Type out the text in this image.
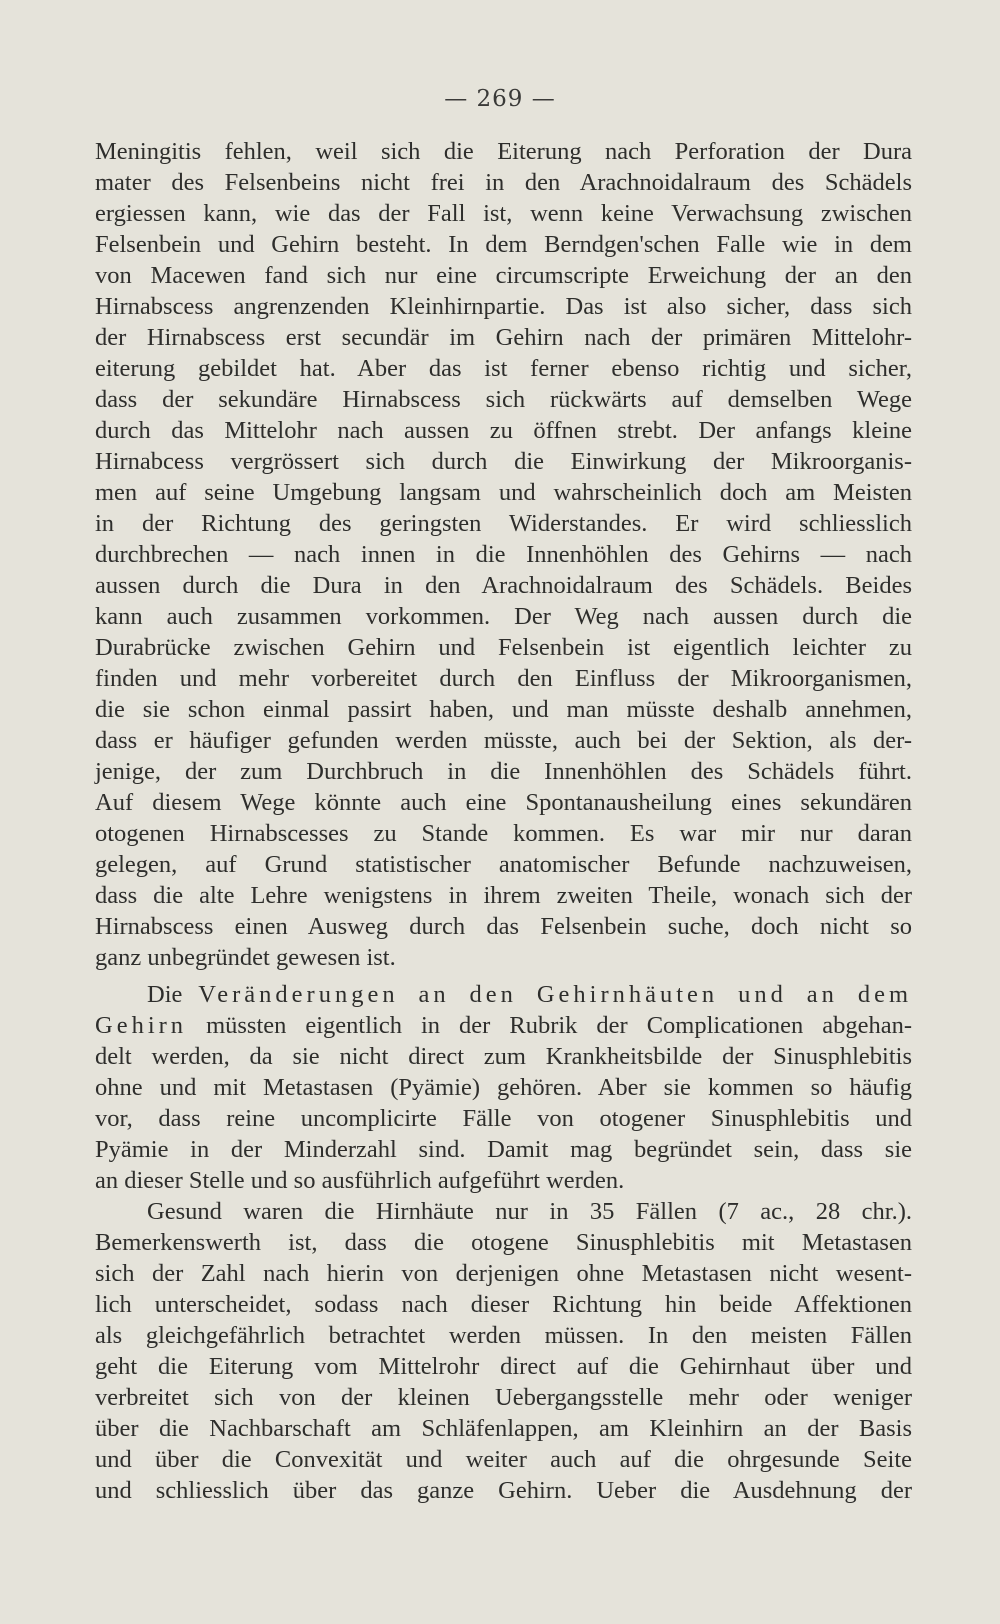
— 269 —
Meningitis fehlen, weil sich die Eiterung nach Perforation der Dura
mater des Felsenbeins nicht frei in den Arachnoidalraum des Schädels
ergiessen kann, wie das der Fall ist, wenn keine Verwachsung zwischen
Felsenbein und Gehirn besteht. In dem Berndgen'schen Falle wie in dem
von Macewen fand sich nur eine circumscripte Erweichung der an den
Hirnabscess angrenzenden Kleinhirnpartie. Das ist also sicher, dass sich
der Hirnabscess erst secundär im Gehirn nach der primären Mittelohr-
eiterung gebildet hat. Aber das ist ferner ebenso richtig und sicher,
dass der sekundäre Hirnabscess sich rückwärts auf demselben Wege
durch das Mittelohr nach aussen zu öffnen strebt. Der anfangs kleine
Hirnabcess vergrössert sich durch die Einwirkung der Mikroorganis-
men auf seine Umgebung langsam und wahrscheinlich doch am Meisten
in der Richtung des geringsten Widerstandes. Er wird schliesslich
durchbrechen — nach innen in die Innenhöhlen des Gehirns — nach
aussen durch die Dura in den Arachnoidalraum des Schädels. Beides
kann auch zusammen vorkommen. Der Weg nach aussen durch die
Durabrücke zwischen Gehirn und Felsenbein ist eigentlich leichter zu
finden und mehr vorbereitet durch den Einfluss der Mikroorganismen,
die sie schon einmal passirt haben, und man müsste deshalb annehmen,
dass er häufiger gefunden werden müsste, auch bei der Sektion, als der-
jenige, der zum Durchbruch in die Innenhöhlen des Schädels führt.
Auf diesem Wege könnte auch eine Spontanausheilung eines sekundären
otogenen Hirnabscesses zu Stande kommen. Es war mir nur daran
gelegen, auf Grund statistischer anatomischer Befunde nachzuweisen,
dass die alte Lehre wenigstens in ihrem zweiten Theile, wonach sich der
Hirnabscess einen Ausweg durch das Felsenbein suche, doch nicht so
ganz unbegründet gewesen ist.
Die Veränderungen an den Gehirnhäuten und an dem
Gehirn müssten eigentlich in der Rubrik der Complicationen abgehan-
delt werden, da sie nicht direct zum Krankheitsbilde der Sinusphlebitis
ohne und mit Metastasen (Pyämie) gehören. Aber sie kommen so häufig
vor, dass reine uncomplicirte Fälle von otogener Sinusphlebitis und
Pyämie in der Minderzahl sind. Damit mag begründet sein, dass sie
an dieser Stelle und so ausführlich aufgeführt werden.
Gesund waren die Hirnhäute nur in 35 Fällen (7 ac., 28 chr.).
Bemerkenswerth ist, dass die otogene Sinusphlebitis mit Metastasen
sich der Zahl nach hierin von derjenigen ohne Metastasen nicht wesent-
lich unterscheidet, sodass nach dieser Richtung hin beide Affektionen
als gleichgefährlich betrachtet werden müssen. In den meisten Fällen
geht die Eiterung vom Mittelrohr direct auf die Gehirnhaut über und
verbreitet sich von der kleinen Uebergangsstelle mehr oder weniger
über die Nachbarschaft am Schläfenlappen, am Kleinhirn an der Basis
und über die Convexität und weiter auch auf die ohrgesunde Seite
und schliesslich über das ganze Gehirn. Ueber die Ausdehnung der
